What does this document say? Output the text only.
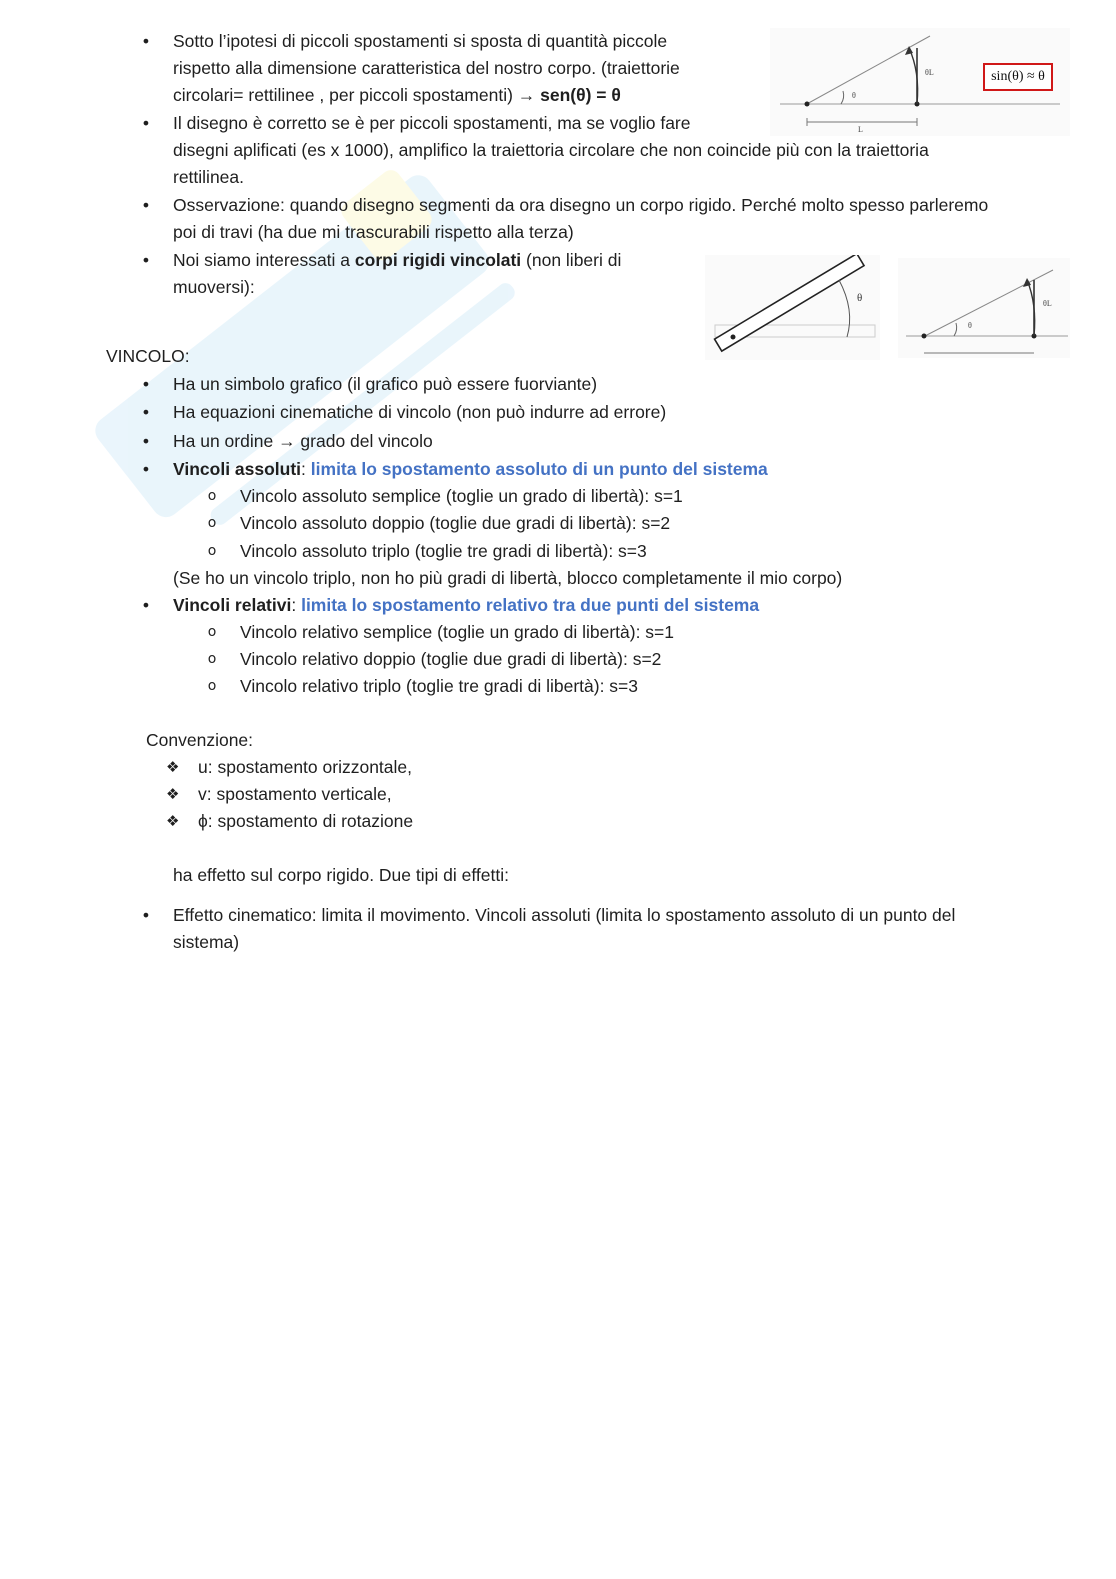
• Sotto l’ipotesi di piccoli spostamenti si sposta di quantità piccole
rispetto alla dimensione caratteristica del nostro corpo. (traiettorie
circolari= rettilinee , per piccoli spostamenti) → sen(θ) = θ
• Il disegno è corretto se è per piccoli spostamenti, ma se voglio fare
disegni aplificati (es x 1000), amplifico la traiettoria circolare che non coincide più con la traiettoria
rettilinea.
• Osservazione: quando disegno segmenti da ora disegno un corpo rigido. Perché molto spesso parleremo
poi di travi (ha due mi trascurabili rispetto alla terza)
• Noi siamo interessati a corpi rigidi vincolati (non liberi di
muoversi):
θ
θL
L
sin(θ) ≈ θ
θ
θ
θL
VINCOLO:
• Ha un simbolo grafico (il grafico può essere fuorviante)
• Ha equazioni cinematiche di vincolo (non può indurre ad errore)
• Ha un ordine → grado del vincolo
• Vincoli assoluti: limita lo spostamento assoluto di un punto del sistema
o Vincolo assoluto semplice (toglie un grado di libertà): s=1
o Vincolo assoluto doppio (toglie due gradi di libertà): s=2
o Vincolo assoluto triplo (toglie tre gradi di libertà): s=3
(Se ho un vincolo triplo, non ho più gradi di libertà, blocco completamente il mio corpo)
• Vincoli relativi: limita lo spostamento relativo tra due punti del sistema
o Vincolo relativo semplice (toglie un grado di libertà): s=1
o Vincolo relativo doppio (toglie due gradi di libertà): s=2
o Vincolo relativo triplo (toglie tre gradi di libertà): s=3
Convenzione:
❖ u: spostamento orizzontale,
❖ v: spostamento verticale,
❖ ϕ: spostamento di rotazione
ha effetto sul corpo rigido. Due tipi di effetti:
• Effetto cinematico: limita il movimento. Vincoli assoluti (limita lo spostamento assoluto di un punto del
sistema)
